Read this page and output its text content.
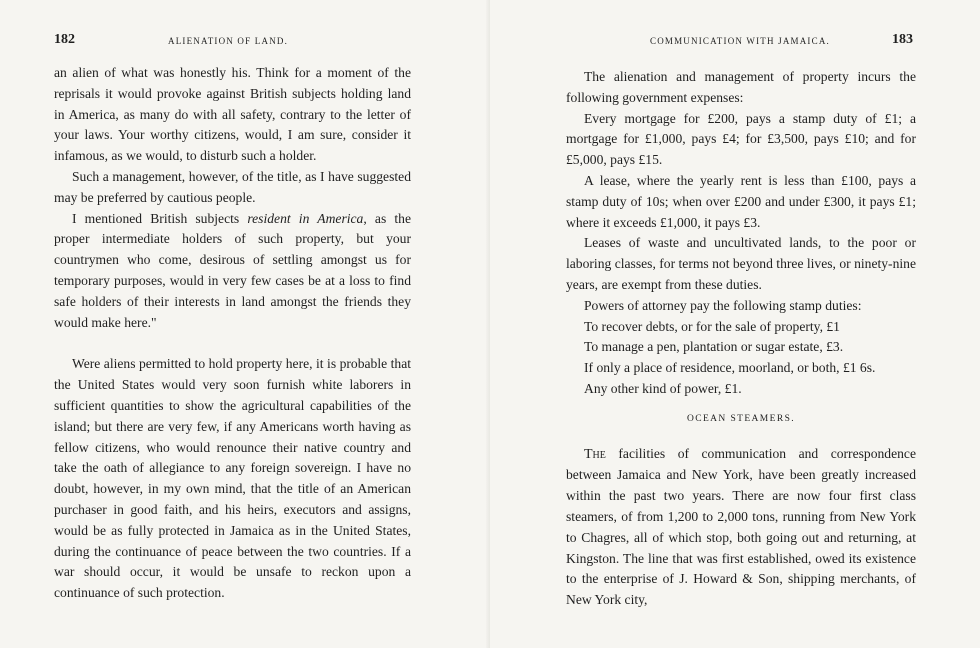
182	ALIENATION OF LAND.

an alien of what was honestly his. Think for a moment of the reprisals it would provoke against British subjects holding land in America, as many do with all safety, contrary to the letter of your laws. Your worthy citizens, would, I am sure, consider it infamous, as we would, to disturb such a holder.

Such a management, however, of the title, as I have suggested may be preferred by cautious people.

I mentioned British subjects resident in America, as the proper intermediate holders of such property, but your countrymen who come, desirous of settling amongst us for temporary purposes, would in very few cases be at a loss to find safe holders of their interests in land amongst the friends they would make here."

Were aliens permitted to hold property here, it is probable that the United States would very soon furnish white laborers in sufficient quantities to show the agricultural capabilities of the island; but there are very few, if any Americans worth having as fellow citizens, who would renounce their native country and take the oath of allegiance to any foreign sovereign. I have no doubt, however, in my own mind, that the title of an American purchaser in good faith, and his heirs, executors and assigns, would be as fully protected in Jamaica as in the United States, during the continuance of peace between the two countries. If a war should occur, it would be unsafe to reckon upon a continuance of such protection.

COMMUNICATION WITH JAMAICA.	183

The alienation and management of property incurs the following government expenses:

Every mortgage for £200, pays a stamp duty of £1; a mortgage for £1,000, pays £4; for £3,500, pays £10; and for £5,000, pays £15.

A lease, where the yearly rent is less than £100, pays a stamp duty of 10s; when over £200 and under £300, it pays £1; where it exceeds £1,000, it pays £3.

Leases of waste and uncultivated lands, to the poor or laboring classes, for terms not beyond three lives, or ninety-nine years, are exempt from these duties.

Powers of attorney pay the following stamp duties:

To recover debts, or for the sale of property, £1

To manage a pen, plantation or sugar estate, £3.

If only a place of residence, moorland, or both, £1 6s.

Any other kind of power, £1.

OCEAN STEAMERS.

The facilities of communication and correspondence between Jamaica and New York, have been greatly increased within the past two years. There are now four first class steamers, of from 1,200 to 2,000 tons, running from New York to Chagres, all of which stop, both going out and returning, at Kingston. The line that was first established, owed its existence to the enterprise of J. Howard & Son, shipping merchants, of New York city,
